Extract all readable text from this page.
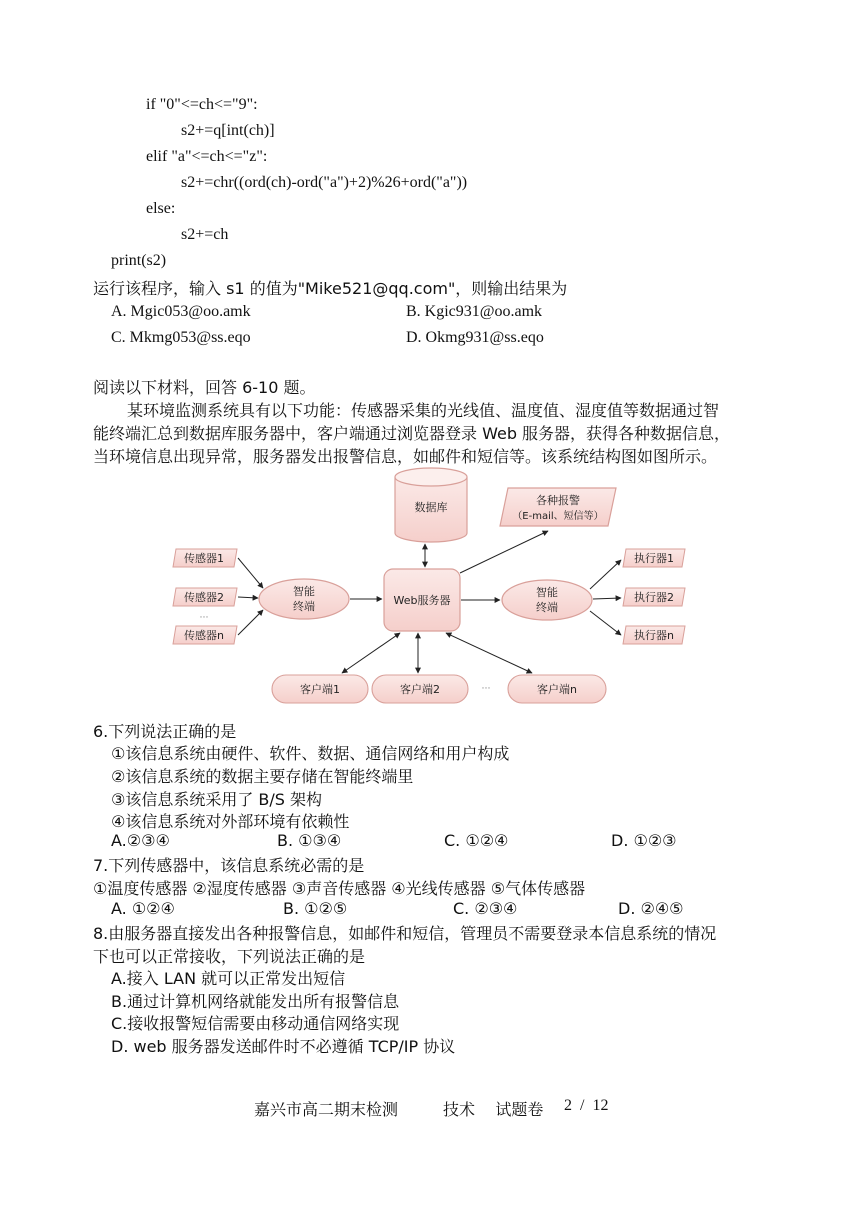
if "0"<=ch<="9":
s2+=q[int(ch)]
elif "a"<=ch<="z":
s2+=chr((ord(ch)-ord("a")+2)%26+ord("a"))
else:
s2+=ch
print(s2)
运行该程序，输入 s1 的值为"Mike521@qq.com"，则输出结果为
A. Mgic053@oo.amk	B. Kgic931@oo.amk
C. Mkmg053@ss.eqo	D. Okmg931@ss.eqo
阅读以下材料，回答 6-10 题。
某环境监测系统具有以下功能：传感器采集的光线值、温度值、湿度值等数据通过智
能终端汇总到数据库服务器中，客户端通过浏览器登录 Web 服务器，获得各种数据信息，
当环境信息出现异常，服务器发出报警信息，如邮件和短信等。该系统结构图如图所示。
数据库
各种报警
（E-mail、短信等）
传感器1
传感器2
···
传感器n
智能
终端	Web服务器
智能
终端
执行器1
执行器2
执行器n
客户端1	客户端2	···	客户端n
6.下列说法正确的是
①该信息系统由硬件、软件、数据、通信网络和用户构成
②该信息系统的数据主要存储在智能终端里
③该信息系统采用了 B/S 架构
④该信息系统对外部环境有依赖性
A.②③④	B. ①③④	C. ①②④	D. ①②③
7.下列传感器中，该信息系统必需的是
①温度传感器 ②湿度传感器 ③声音传感器 ④光线传感器 ⑤气体传感器
A. ①②④	B. ①②⑤	C. ②③④	D. ②④⑤
8.由服务器直接发出各种报警信息，如邮件和短信，管理员不需要登录本信息系统的情况
下也可以正常接收，下列说法正确的是
A.接入 LAN 就可以正常发出短信
B.通过计算机网络就能发出所有报警信息
C.接收报警短信需要由移动通信网络实现
D. web 服务器发送邮件时不必遵循 TCP/IP 协议
嘉兴市高二期末检测	技术    试题卷 2  /  12
